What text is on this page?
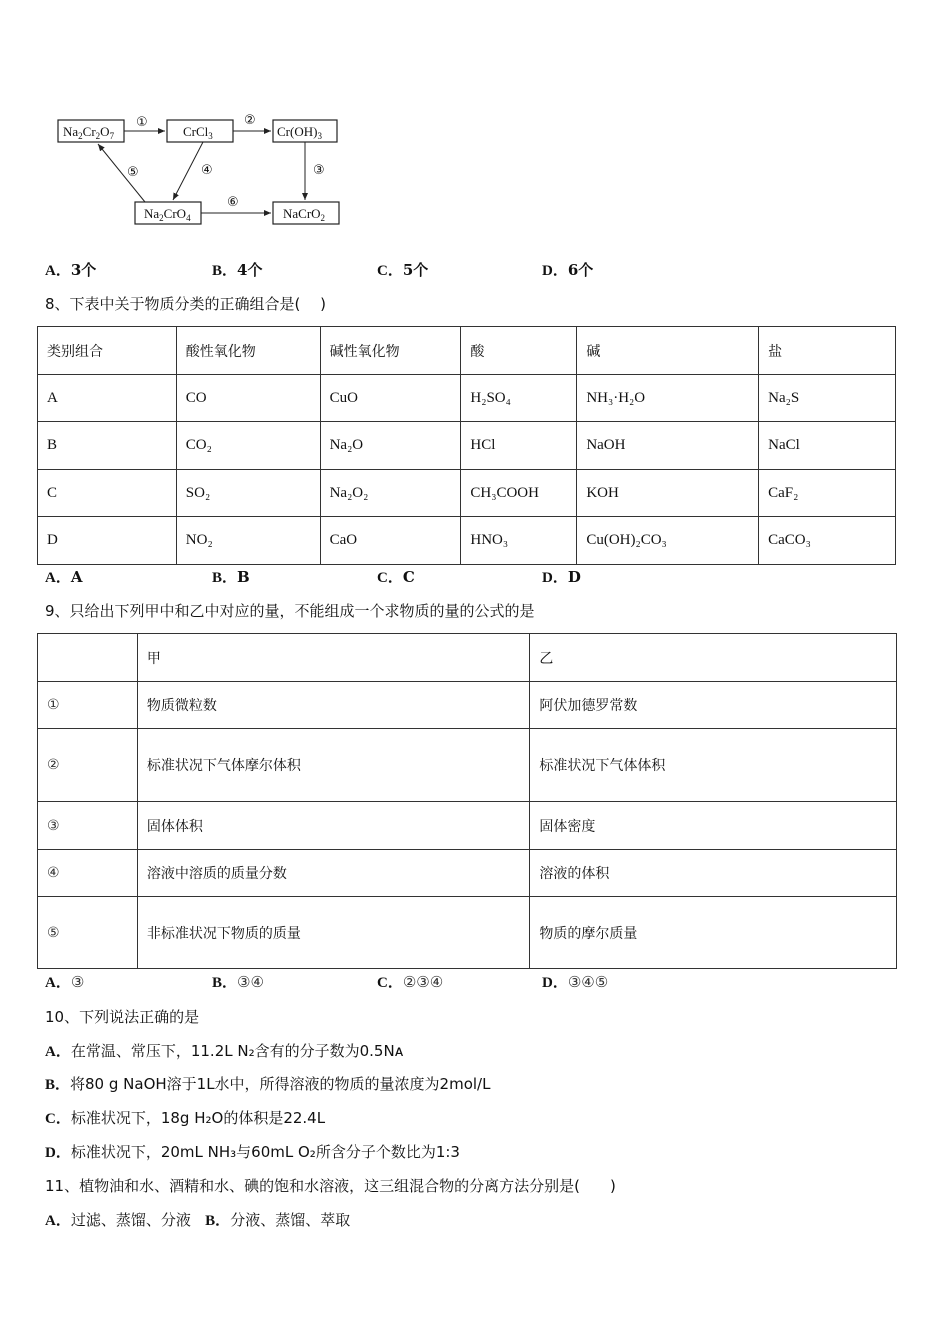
$Na_2Cr_2O_7$	CrCl$_3$	$Cr(OH)_3$
$Na_2CrO_4$	NaCrO$_2$
①	②
③
④
⑤
⑥
A．3个	B．4个	C．5个	D．6个
8、下表中关于物质分类的正确组合是(　 )
类别组合	酸性氧化物	碱性氧化物	酸	碱	盐
A	CO	CuO	H₂SO₄	NH₃·H₂O	Na₂S
B	CO₂	Na₂O	HCl	NaOH	NaCl
C	SO₂	Na₂O₂	CH₃COOH	KOH	CaF₂
D	NO₂	CaO	HNO₃	Cu(OH)₂CO₃	CaCO₃
A．A	B．B	C．C	D．D
9、只给出下列甲中和乙中对应的量，不能组成一个求物质的量的公式的是
	甲	乙
①	物质微粒数	阿伏加德罗常数
②	标准状况下气体摩尔体积	标准状况下气体体积
③	固体体积	固体密度
④	溶液中溶质的质量分数	溶液的体积
⑤	非标准状况下物质的质量	物质的摩尔质量
A．③	B．③④	C．②③④	D．③④⑤
10、下列说法正确的是
A．在常温、常压下，11.2L N₂含有的分子数为0.5Nᴀ
B．将80 g NaOH溶于1L水中，所得溶液的物质的量浓度为2mol/L
C．标准状况下，18g H₂O的体积是22.4L
D．标准状况下，20mL NH₃与60mL O₂所含分子个数比为1:3
11、植物油和水、酒精和水、碘的饱和水溶液，这三组混合物的分离方法分别是(　　)
A．过滤、蒸馏、分液 B．分液、蒸馏、萃取
